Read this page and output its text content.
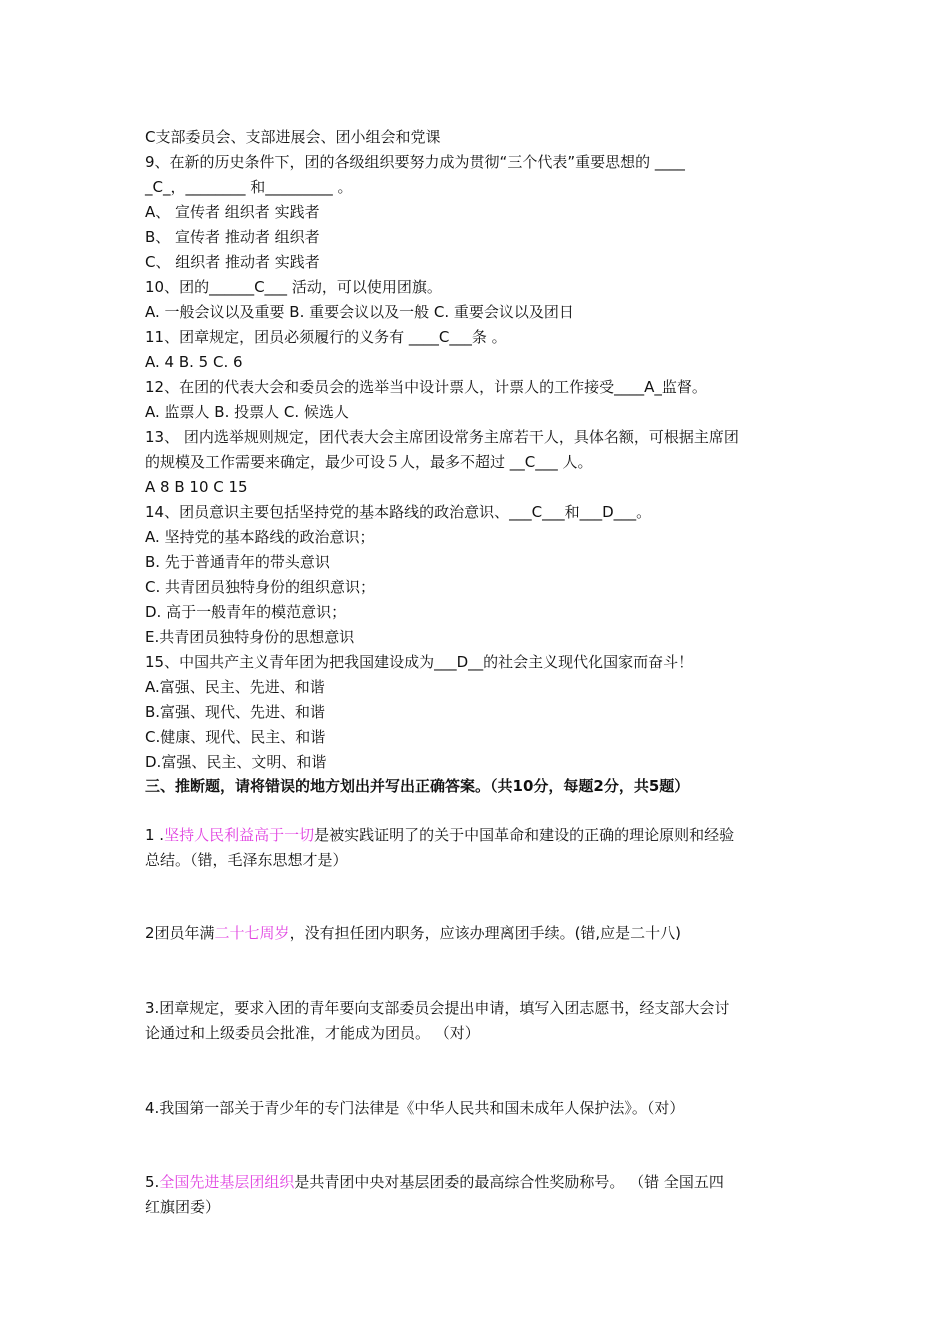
C支部委员会、支部进展会、团小组会和党课
9、在新的历史条件下，团的各级组织要努力成为贯彻“三个代表”重要思想的 ____
_C_，________ 和_________ 。
A、 宣传者 组织者 实践者
B、 宣传者 推动者 组织者
C、 组织者 推动者 实践者
10、团的______C___ 活动，可以使用团旗。
A. 一般会议以及重要 B. 重要会议以及一般 C. 重要会议以及团日
11、团章规定，团员必须履行的义务有 ____C___条 。
A. 4 B. 5 C. 6
12、在团的代表大会和委员会的选举当中设计票人，计票人的工作接受____A_监督。
A. 监票人 B. 投票人 C. 候选人
13、 团内选举规则规定，团代表大会主席团设常务主席若干人，具体名额，可根据主席团
的规模及工作需要来确定，最少可设５人，最多不超过 __C___ 人。
A 8 B 10 C 15
14、团员意识主要包括坚持党的基本路线的政治意识、___C___和___D___。
A. 坚持党的基本路线的政治意识；
B. 先于普通青年的带头意识
C. 共青团员独特身份的组织意识；
D. 高于一般青年的模范意识；
E.共青团员独特身份的思想意识
15、中国共产主义青年团为把我国建设成为___D__的社会主义现代化国家而奋斗！
A.富强、民主、先进、和谐
B.富强、现代、先进、和谐
C.健康、现代、民主、和谐
D.富强、民主、文明、和谐
三、推断题，请将错误的地方划出并写出正确答案。（共10分，每题2分，共5题）
1 .坚持人民利益高于一切是被实践证明了的关于中国革命和建设的正确的理论原则和经验
总结。（错，毛泽东思想才是）
2团员年满二十七周岁，没有担任团内职务，应该办理离团手续。(错,应是二十八)
3.团章规定，要求入团的青年要向支部委员会提出申请，填写入团志愿书，经支部大会讨
论通过和上级委员会批准，才能成为团员。 （对）
4.我国第一部关于青少年的专门法律是《中华人民共和国未成年人保护法》。（对）
5.全国先进基层团组织是共青团中央对基层团委的最高综合性奖励称号。 （错 全国五四
红旗团委）
